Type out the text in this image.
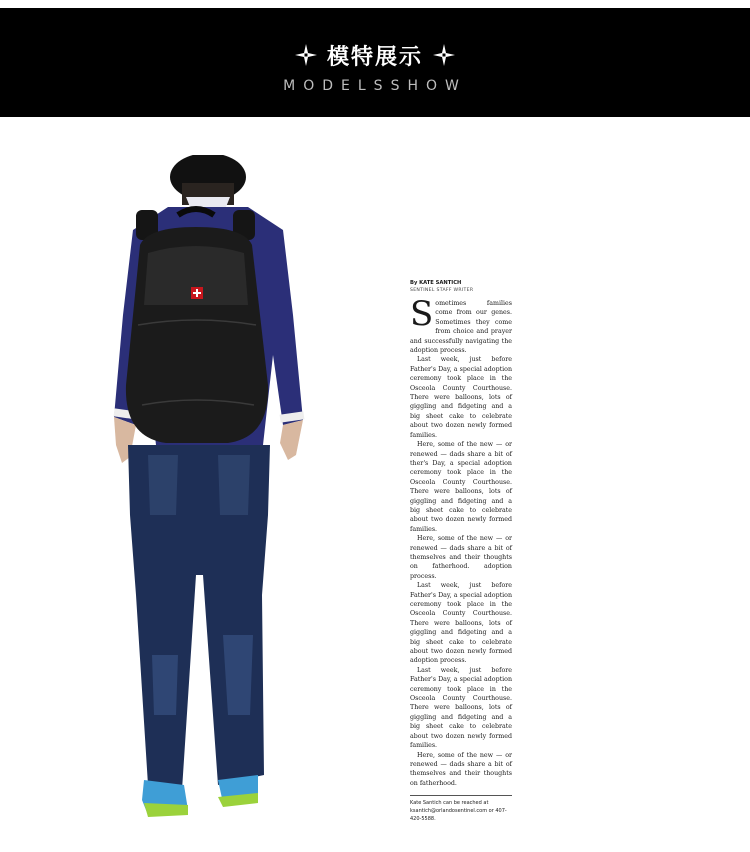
模特展示
MODELSSHOW
By KATE SANTICH
SENTINEL STAFF WRITER

Sometimes families come from our genes. Sometimes they come from choice and prayer and successfully navigating the adoption process.

Last week, just before Father's Day, a special adoption ceremony took place in the Osceola County Courthouse. There were balloons, lots of giggling and fidgeting and a big sheet cake to celebrate about two dozen newly formed families.

Here, some of the new — or renewed — dads share a bit of ther's Day, a special adoption ceremony took place in the Osceola County Courthouse. There were balloons, lots of giggling and fidgeting and a big sheet cake to celebrate about two dozen newly formed families.

Here, some of the new — or renewed — dads share a bit of themselves and their thoughts on fatherhood. adoption process.

Last week, just before Father's Day, a special adoption ceremony took place in the Osceola County Courthouse. There were balloons, lots of giggling and fidgeting and a big sheet cake to celebrate about two dozen newly formed adoption process.

Last week, just before Father's Day, a special adoption ceremony took place in the Osceola County Courthouse. There were balloons, lots of giggling and fidgeting and a big sheet cake to celebrate about two dozen newly formed families.

Here, some of the new — or renewed — dads share a bit of themselves and their thoughts on fatherhood.

Kate Santich can be reached at ksantich@orlandosentinel.com or 407-420-5588.
